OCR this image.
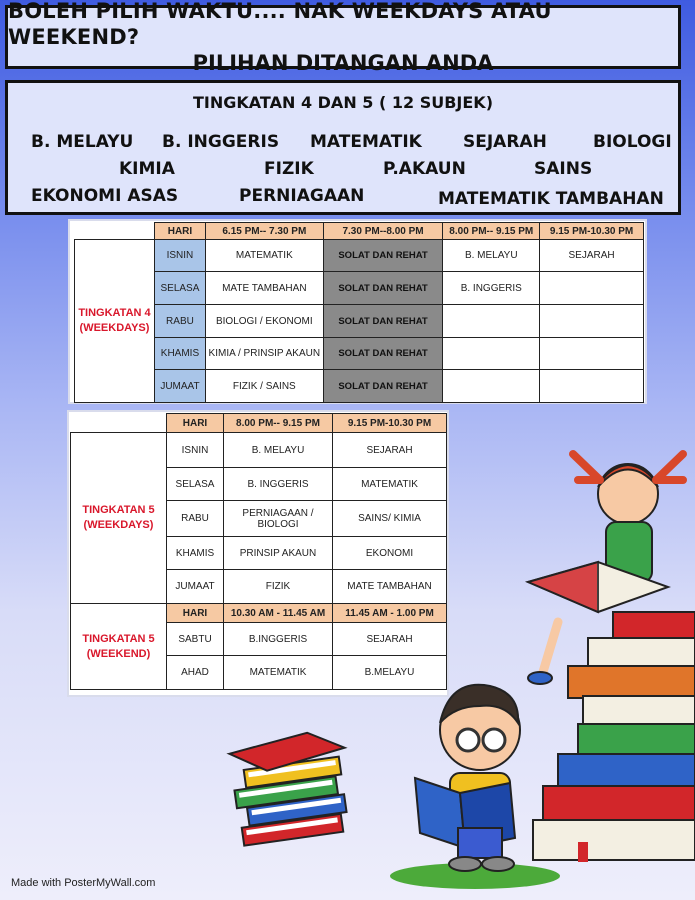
BOLEH PILIH WAKTU.... NAK WEEKDAYS ATAU WEEKEND?
PILIHAN DITANGAN ANDA
TINGKATAN 4 DAN 5 ( 12 SUBJEK)
B. MELAYU B. INGGERIS MATEMATIK SEJARAH	BIOLOGI
KIMIA	FIZIK	P.AKAUN	SAINS
EKONOMI ASAS	PERNIAGAAN	MATEMATIK TAMBAHAN
	HARI	6.15 PM-- 7.30 PM	7.30 PM--8.00 PM	8.00 PM-- 9.15 PM	9.15 PM-10.30 PM
TINGKATAN 4 (WEEKDAYS)	ISNIN	MATEMATIK	SOLAT DAN REHAT	B. MELAYU	SEJARAH
	SELASA	MATE TAMBAHAN	SOLAT DAN REHAT	B. INGGERIS	
	RABU	BIOLOGI / EKONOMI	SOLAT DAN REHAT		
	KHAMIS	KIMIA / PRINSIP AKAUN	SOLAT DAN REHAT		
	JUMAAT	FIZIK / SAINS	SOLAT DAN REHAT		
	HARI	8.00 PM-- 9.15 PM	9.15 PM-10.30 PM
TINGKATAN 5 (WEEKDAYS)	ISNIN	B. MELAYU	SEJARAH
	SELASA	B. INGGERIS	MATEMATIK
	RABU	PERNIAGAAN / BIOLOGI	SAINS/ KIMIA
	KHAMIS	PRINSIP AKAUN	EKONOMI
	JUMAAT	FIZIK	MATE TAMBAHAN
TINGKATAN 5 (WEEKEND)	HARI	10.30 AM - 11.45 AM	11.45 AM - 1.00 PM
	SABTU	B.INGGERIS	SEJARAH
	AHAD	MATEMATIK	B.MELAYU
Made with PosterMyWall.com
